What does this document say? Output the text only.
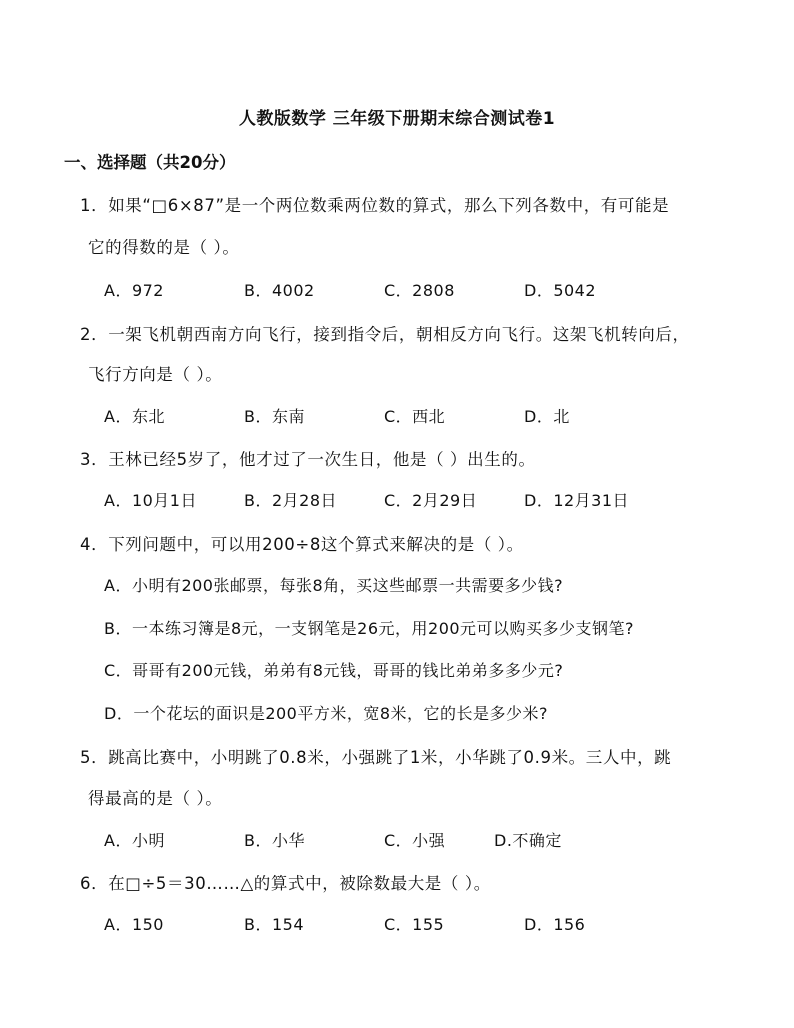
人教版数学 三年级下册期末综合测试卷1
一、选择题（共20分）
1．如果“□6×87”是一个两位数乘两位数的算式，那么下列各数中，有可能是
它的得数的是（ ）。
A．972	B．4002	C．2808	D．5042
2．一架飞机朝西南方向飞行，接到指令后，朝相反方向飞行。这架飞机转向后，
飞行方向是（ ）。
A．东北	B．东南	C．西北	D．北
3．王林已经5岁了，他才过了一次生日，他是（ ）出生的。
A．10月1日	B．2月28日	C．2月29日	D．12月31日
4．下列问题中，可以用200÷8这个算式来解决的是（ ）。
A．小明有200张邮票，每张8角，买这些邮票一共需要多少钱?
B．一本练习簿是8元，一支钢笔是26元，用200元可以购买多少支钢笔?
C．哥哥有200元钱，弟弟有8元钱，哥哥的钱比弟弟多多少元?
D．一个花坛的面识是200平方米，宽8米，它的长是多少米?
5．跳高比赛中，小明跳了0.8米，小强跳了1米，小华跳了0.9米。三人中，跳
得最高的是（ ）。
A．小明	B．小华	C．小强	D.不确定
6．在□÷5＝30……△的算式中，被除数最大是（ ）。
A．150	B．154	C．155	D．156
